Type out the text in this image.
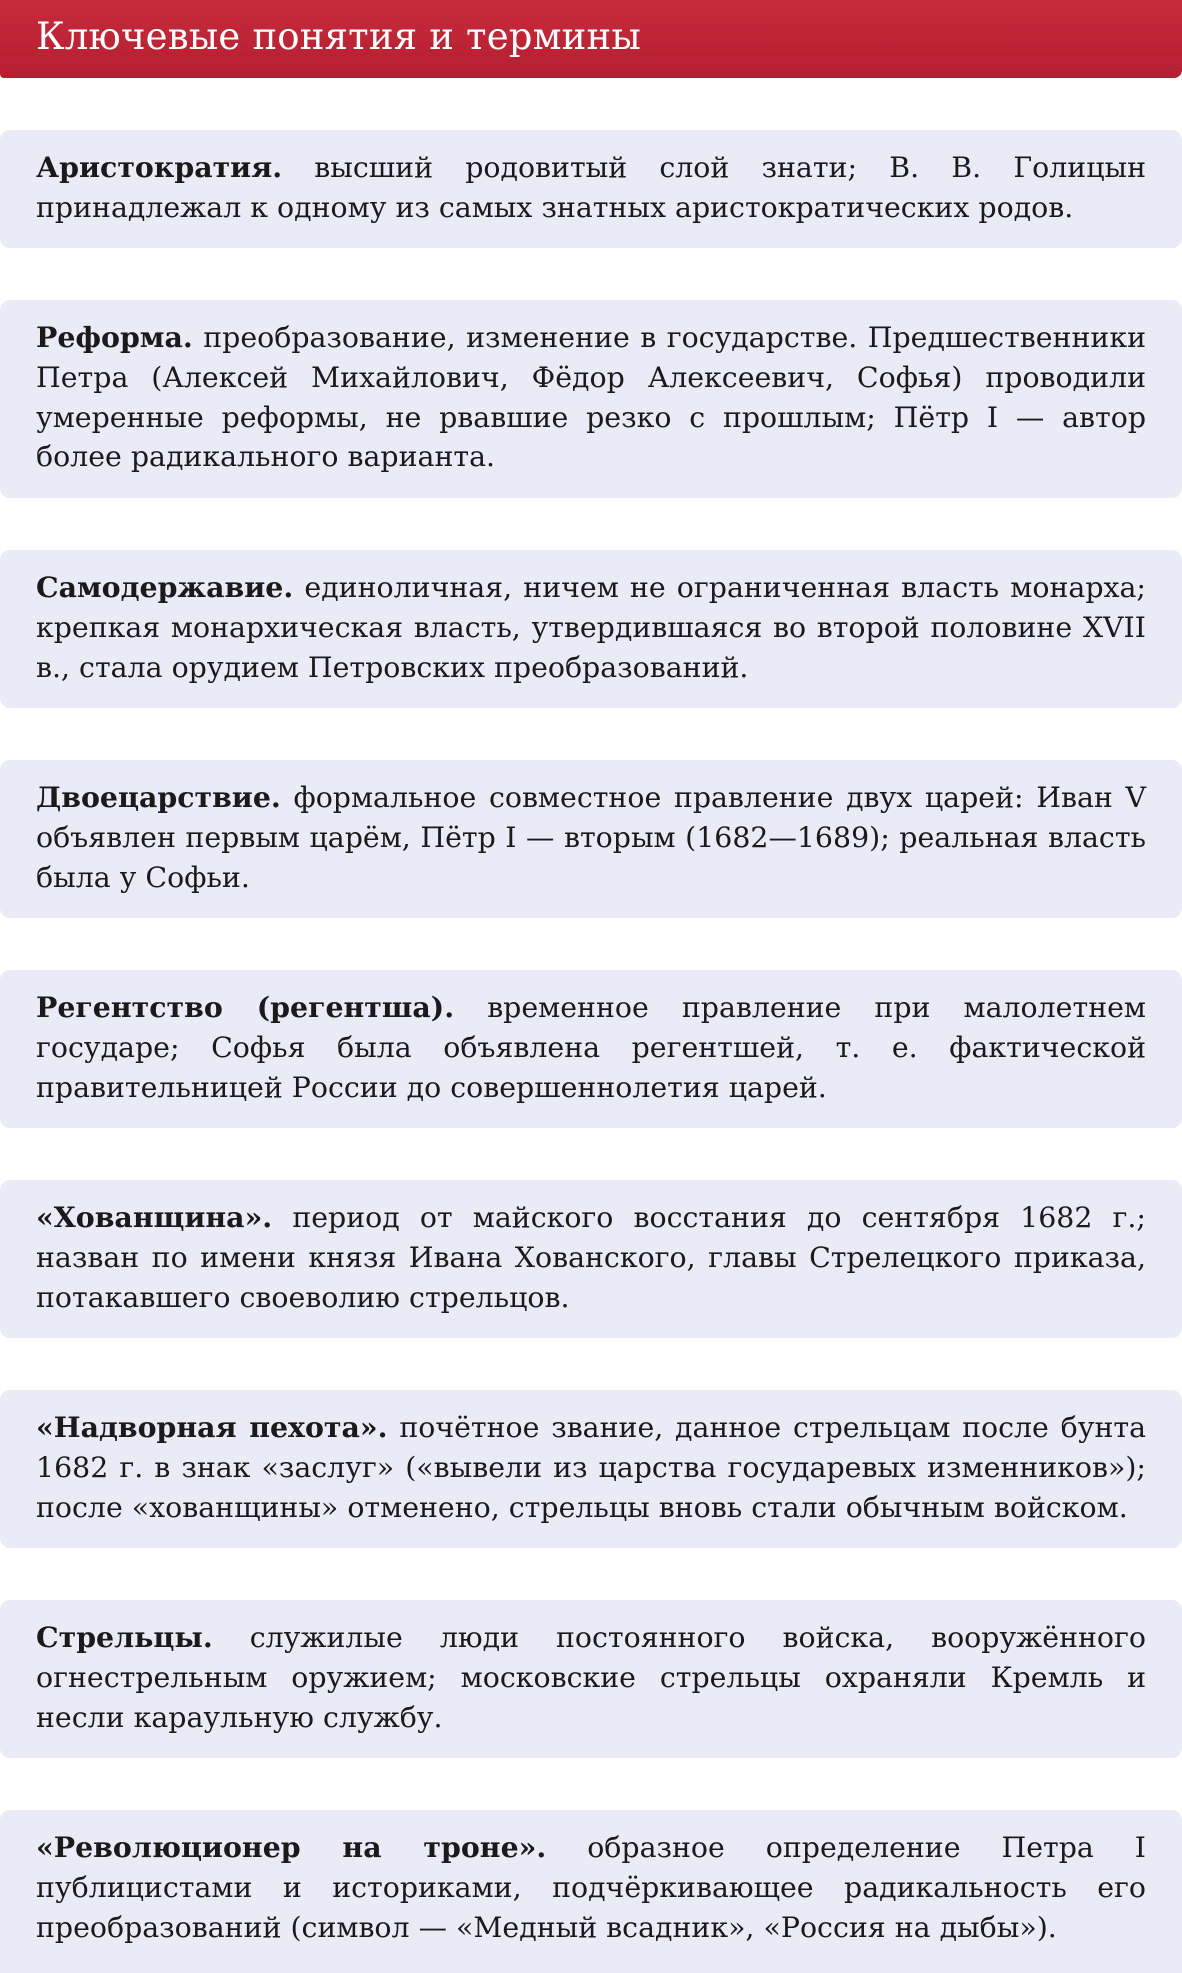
Ключевые понятия и термины

Аристократия. высший родовитый слой знати; В. В. Голицын принадлежал к одному из самых знатных аристократических родов.

Реформа. преобразование, изменение в государстве. Предшественники Петра (Алексей Михайлович, Фёдор Алексеевич, Софья) проводили умеренные реформы, не рвавшие резко с прошлым; Пётр I — автор более радикального варианта.

Самодержавие. единоличная, ничем не ограниченная власть монарха; крепкая монархическая власть, утвердившаяся во второй половине XVII в., стала орудием Петровских преобразований.

Двоецарствие. формальное совместное правление двух царей: Иван V объявлен первым царём, Пётр I — вторым (1682—1689); реальная власть была у Софьи.

Регентство (регентша). временное правление при малолетнем государе; Софья была объявлена регентшей, т. е. фактической правительницей России до совершеннолетия царей.

«Хованщина». период от майского восстания до сентября 1682 г.; назван по имени князя Ивана Хованского, главы Стрелецкого приказа, потакавшего своеволию стрельцов.

«Надворная пехота». почётное звание, данное стрельцам после бунта 1682 г. в знак «заслуг» («вывели из царства государевых изменников»); после «хованщины» отменено, стрельцы вновь стали обычным войском.

Стрельцы. служилые люди постоянного войска, вооружённого огнестрельным оружием; московские стрельцы охраняли Кремль и несли караульную службу.

«Революционер на троне». образное определение Петра I публицистами и историками, подчёркивающее радикальность его преобразований (символ — «Медный всадник», «Россия на дыбы»).
